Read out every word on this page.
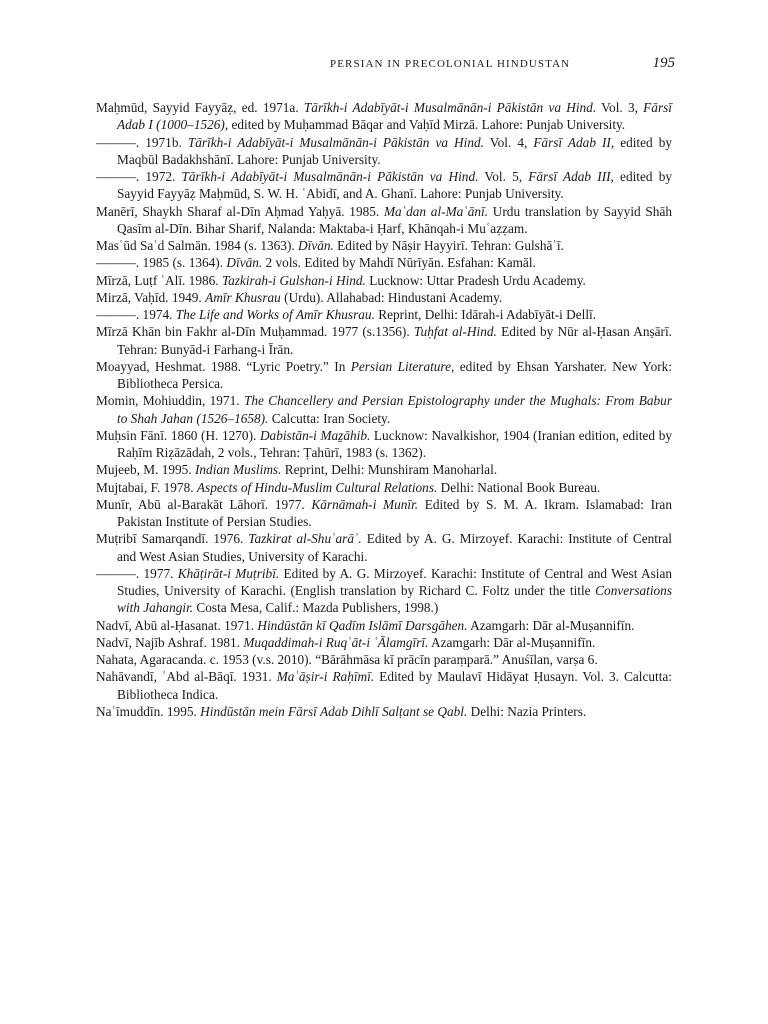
PERSIAN IN PRECOLONIAL HINDUSTAN	195

Maḥmūd, Sayyid Fayyāẓ, ed. 1971a. Tārīkh-i Adabīyāt-i Musalmānān-i Pākistān va Hind. Vol. 3, Fārsī Adab I (1000–1526), edited by Muḥammad Bāqar and Vaḥīd Mirzā. Lahore: Punjab University.

———. 1971b. Tārīkh-i Adabīyāt-i Musalmānān-i Pākistān va Hind. Vol. 4, Fārsī Adab II, edited by Maqbūl Badakhshānī. Lahore: Punjab University.

———. 1972. Tārīkh-i Adabīyāt-i Musalmānān-i Pākistān va Hind. Vol. 5, Fārsī Adab III, edited by Sayyid Fayyāẓ Maḥmūd, S. W. H. ʿAbidī, and A. Ghanī. Lahore: Punjab University.

Manērī, Shaykh Sharaf al-Dīn Aḥmad Yaḥyā. 1985. Maʿdan al-Maʿānī. Urdu translation by Sayyid Shāh Qasīm al-Dīn. Bihar Sharif, Nalanda: Maktaba-i Ḥarf, Khānqah-i Muʿaẓẓam.

Masʿūd Saʿd Salmān. 1984 (s. 1363). Dīvān. Edited by Nāṣir Hayyirī. Tehran: Gulshāʾī.

———. 1985 (s. 1364). Dīvān. 2 vols. Edited by Mahdī Nūrīyān. Esfahan: Kamāl.

Mīrzā, Luṭf ʿAlī. 1986. Tazkirah-i Gulshan-i Hind. Lucknow: Uttar Pradesh Urdu Academy.

Mirzā, Vaḥīd. 1949. Amīr Khusrau (Urdu). Allahabad: Hindustani Academy.

———. 1974. The Life and Works of Amīr Khusrau. Reprint, Delhi: Idārah-i Adabīyāt-i Dellī.

Mīrzā Khān bin Fakhr al-Dīn Muḥammad. 1977 (s.1356). Tuḥfat al-Hind. Edited by Nūr al-Ḥasan Anṣārī. Tehran: Bunyād-i Farhang-i Īrān.

Moayyad, Heshmat. 1988. “Lyric Poetry.” In Persian Literature, edited by Ehsan Yarshater. New York: Bibliotheca Persica.

Momin, Mohiuddin, 1971. The Chancellery and Persian Epistolography under the Mughals: From Babur to Shah Jahan (1526–1658). Calcutta: Iran Society.

Muḥsin Fānī. 1860 (H. 1270). Dabistān-i Maẕāhib. Lucknow: Navalkishor, 1904 (Iranian edition, edited by Raḥīm Riẓāzādah, 2 vols., Tehran: Ṭahūrī, 1983 (s. 1362).

Mujeeb, M. 1995. Indian Muslims. Reprint, Delhi: Munshiram Manoharlal.

Mujtabai, F. 1978. Aspects of Hindu-Muslim Cultural Relations. Delhi: National Book Bureau.

Munīr, Abū al-Barakāt Lāhorī. 1977. Kārnāmah-i Munīr. Edited by S. M. A. Ikram. Islamabad: Iran Pakistan Institute of Persian Studies.

Muṭribī Samarqandī. 1976. Tazkirat al-Shuʿarāʾ. Edited by A. G. Mirzoyef. Karachi: Institute of Central and West Asian Studies, University of Karachi.

———. 1977. Khāṭirāt-i Muṭribī. Edited by A. G. Mirzoyef. Karachi: Institute of Central and West Asian Studies, University of Karachi. (English translation by Richard C. Foltz under the title Conversations with Jahangir. Costa Mesa, Calif.: Mazda Publishers, 1998.)

Nadvī, Abū al-Ḥasanat. 1971. Hindūstān kī Qadīm Islāmī Darsgāhen. Azamgarh: Dār al-Muṣannifīn.

Nadvī, Najīb Ashraf. 1981. Muqaddimah-i Ruqʿāt-i ʿĀlamgīrī. Azamgarh: Dār al-Muṣannifīn.

Nahata, Agaracanda. c. 1953 (v.s. 2010). “Bārāhmāsa kī prācīn paraṃparā.” Anuśīlan, varṣa 6.

Nahāvandī, ʿAbd al-Bāqī. 1931. Maʾāṣir-i Raḥīmī. Edited by Maulavī Hidāyat Ḥusayn. Vol. 3. Calcutta: Bibliotheca Indica.

Naʿīmuddīn. 1995. Hindūstān mein Fārsī Adab Dihlī Salṭant se Qabl. Delhi: Nazia Printers.
